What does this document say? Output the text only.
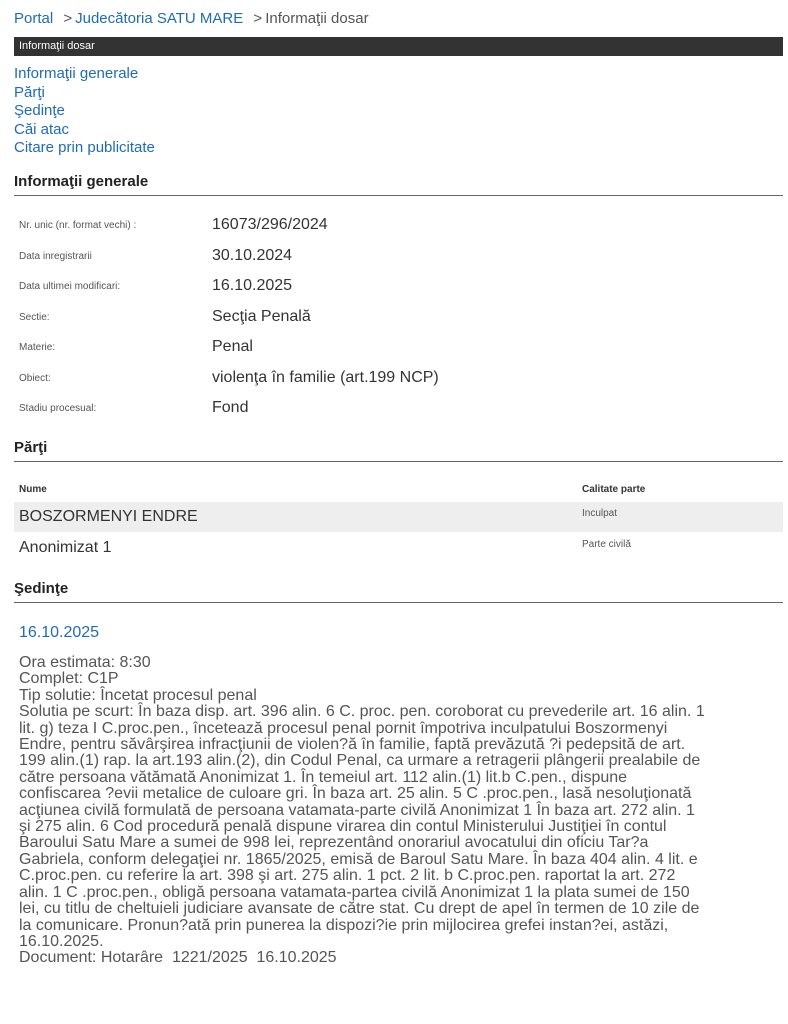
Portal > Judecătoria SATU MARE > Informaţii dosar
Informaţii dosar
Informaţii generale
Părţi
Şedinţe
Căi atac
Citare prin publicitate
Informaţii generale
Nr. unic (nr. format vechi) :	16073/296/2024
Data inregistrarii	30.10.2024
Data ultimei modificari:	16.10.2025
Sectie:	Secţia Penală
Materie:	Penal
Obiect:	violenţa în familie (art.199 NCP)
Stadiu procesual:	Fond
Părţi
Nume	Calitate parte
BOSZORMENYI ENDRE	Inculpat
Anonimizat 1	Parte civilă
Şedinţe
16.10.2025
Ora estimata: 8:30
Complet: C1P
Tip solutie: Încetat procesul penal
Solutia pe scurt: În baza disp. art. 396 alin. 6 C. proc. pen. coroborat cu prevederile art. 16 alin. 1
lit. g) teza I C.proc.pen., încetează procesul penal pornit împotriva inculpatului Boszormenyi
Endre, pentru săvârşirea infracţiunii de violen?ă în familie, faptă prevăzută ?i pedepsită de art.
199 alin.(1) rap. la art.193 alin.(2), din Codul Penal, ca urmare a retragerii plângerii prealabile de
către persoana vătămată Anonimizat 1. În temeiul art. 112 alin.(1) lit.b C.pen., dispune
confiscarea ?evii metalice de culoare gri. În baza art. 25 alin. 5 C .proc.pen., lasă nesoluţionată
acţiunea civilă formulată de persoana vatamata-parte civilă Anonimizat 1 În baza art. 272 alin. 1
şi 275 alin. 6 Cod procedură penală dispune virarea din contul Ministerului Justiţiei în contul
Baroului Satu Mare a sumei de 998 lei, reprezentând onorariul avocatului din oficiu Tar?a
Gabriela, conform delegaţiei nr. 1865/2025, emisă de Baroul Satu Mare. În baza 404 alin. 4 lit. e
C.proc.pen. cu referire la art. 398 şi art. 275 alin. 1 pct. 2 lit. b C.proc.pen. raportat la art. 272
alin. 1 C .proc.pen., obligă persoana vatamata-partea civilă Anonimizat 1 la plata sumei de 150
lei, cu titlu de cheltuieli judiciare avansate de către stat. Cu drept de apel în termen de 10 zile de
la comunicare. Pronun?ată prin punerea la dispozi?ie prin mijlocirea grefei instan?ei, astăzi,
16.10.2025.
Document: Hotarâre  1221/2025  16.10.2025
